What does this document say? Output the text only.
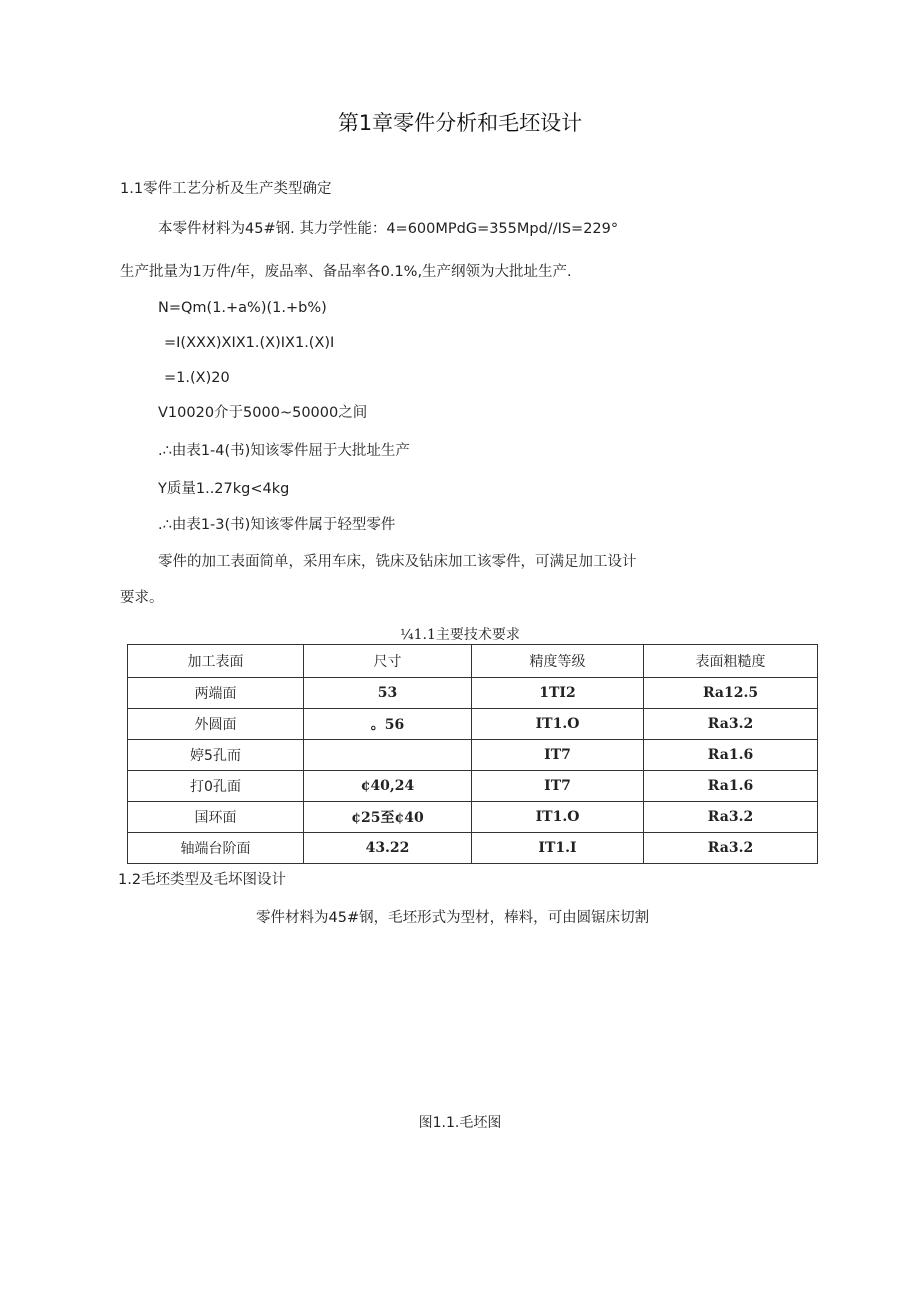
第1章零件分析和毛坯设计
1.1零件工艺分析及生产类型确定
本零件材料为45#钢. 其力学性能：4=600MPdG=355Mpd//IS=229°
生产批量为1万件/年，废品率、备品率各0.1%,生产纲领为大批址生产.
N=Qm(1.+a%)(1.+b%)
=I(XXX)XIX1.(X)IX1.(X)I
=1.(X)20
V10020介于5000~50000之间
.∴由表1-4(书)知该零件屈于大批址生产
Y质量1..27kg<4kg
.∴由表1-3(书)知该零件属于轻型零件
零件的加工表面简单，采用车床，铣床及钻床加工该零件，可满足加工设计
要求。
¼1.1主要技术要求
加工表面	尺寸	精度等级	表面粗糙度
两端面	53	1TI2	Ra12.5
外圆面	。56	IT1.O	Ra3.2
婷5孔而		IT7	Ra1.6
打0孔面	¢40,24	IT7	Ra1.6
国环面	¢25至¢40	IT1.O	Ra3.2
轴端台阶面	43.22	IT1.I	Ra3.2
1.2毛坯类型及毛坏图设计
零件材料为45#钢，毛坯形式为型材，棒料，可由圆锯床切割
图1.1.毛坯图
